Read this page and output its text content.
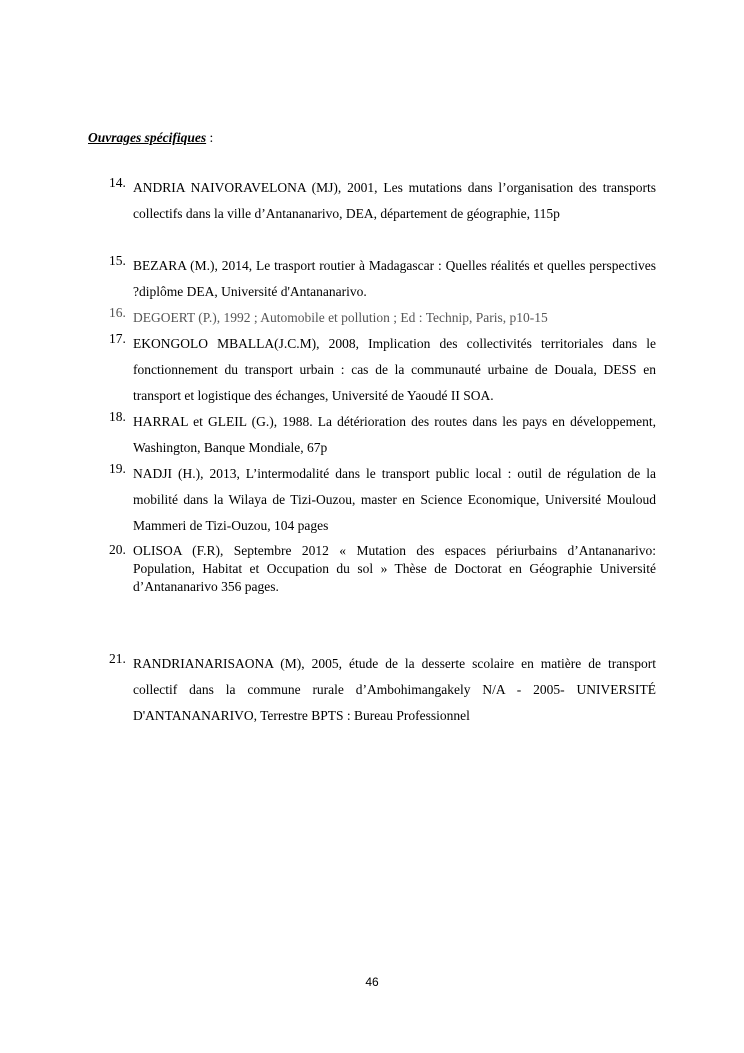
Ouvrages spécifiques :
14. ANDRIA NAIVORAVELONA (MJ), 2001, Les mutations dans l’organisation des transports collectifs dans la ville d’Antananarivo, DEA, département de géographie, 115p
15. BEZARA (M.), 2014, Le trasport routier à Madagascar : Quelles réalités et quelles perspectives ?diplôme DEA, Université d'Antananarivo.
16. DEGOERT (P.), 1992 ; Automobile et pollution ; Ed : Technip, Paris, p10-15
17. EKONGOLO MBALLA(J.C.M), 2008, Implication des collectivités territoriales dans le fonctionnement du transport urbain : cas de la communauté urbaine de Douala, DESS en transport et logistique des échanges, Université de Yaoudé II SOA.
18. HARRAL et GLEIL (G.), 1988. La détérioration des routes dans les pays en développement, Washington, Banque Mondiale, 67p
19. NADJI (H.), 2013, L’intermodalité dans le transport public local : outil de régulation de la mobilité dans la Wilaya de Tizi-Ouzou, master en Science Economique, Université Mouloud Mammeri de Tizi-Ouzou, 104 pages
20. OLISOA (F.R), Septembre 2012 « Mutation des espaces périurbains d’Antananarivo: Population, Habitat et Occupation du sol » Thèse de Doctorat en Géographie Université d’Antananarivo 356 pages.
21. RANDRIANARISAONA (M), 2005, étude de la desserte scolaire en matière de transport collectif dans la commune rurale d’Ambohimangakely N/A - 2005- UNIVERSITÉ D'ANTANANARIVO, Terrestre BPTS : Bureau Professionnel
46
